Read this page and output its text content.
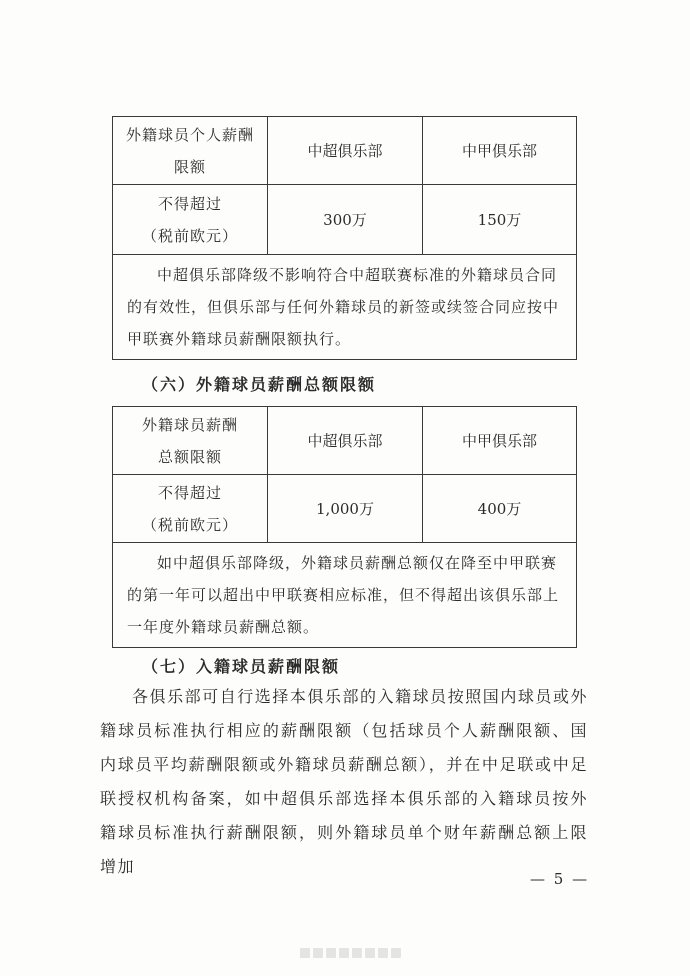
外籍球员个人薪酬
限额	中超俱乐部	中甲俱乐部

不得超过
（税前欧元）	300万	150万
中超俱乐部降级不影响符合中超联赛标准的外籍球员合同的有效性，但俱乐部与任何外籍球员的新签或续签合同应按中甲联赛外籍球员薪酬限额执行。		
（六）外籍球员薪酬总额限额
外籍球员薪酬
总额限额	中超俱乐部	中甲俱乐部

不得超过
（税前欧元）	1,000万	400万
如中超俱乐部降级，外籍球员薪酬总额仅在降至中甲联赛的第一年可以超出中甲联赛相应标准，但不得超出该俱乐部上一年度外籍球员薪酬总额。		
（七）入籍球员薪酬限额
各俱乐部可自行选择本俱乐部的入籍球员按照国内球员或外籍球员标准执行相应的薪酬限额（包括球员个人薪酬限额、国内球员平均薪酬限额或外籍球员薪酬总额），并在中足联或中足联授权机构备案，如中超俱乐部选择本俱乐部的入籍球员按外籍球员标准执行薪酬限额，则外籍球员单个财年薪酬总额上限增加
— 5 —
